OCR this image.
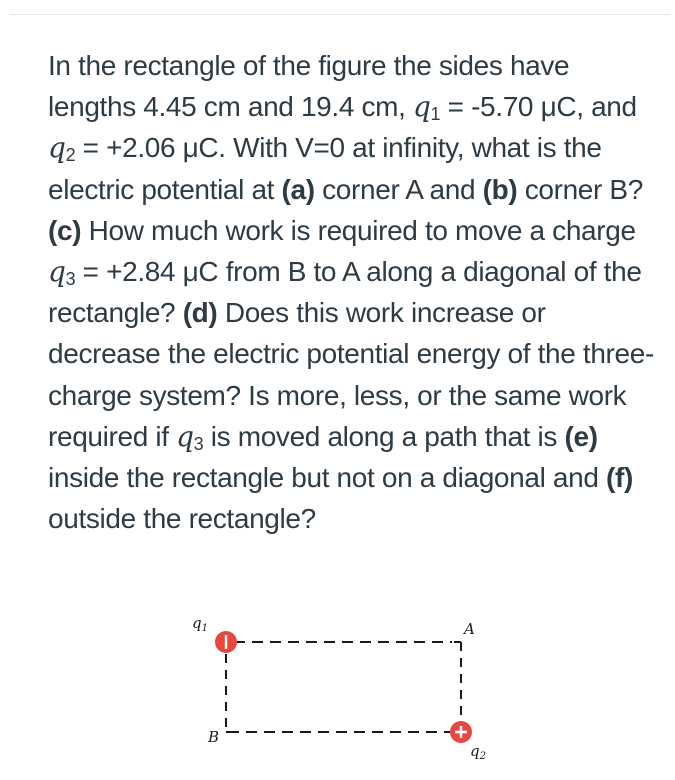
In the rectangle of the figure the sides have lengths 4.45 cm and 19.4 cm, $q_1 = -5.70$ μC, and $q_2 = +2.06$ μC. With V=0 at infinity, what is the electric potential at (a) corner A and (b) corner B? (c) How much work is required to move a charge $q_3 = +2.84$ μC from B to A along a diagonal of the rectangle? (d) Does this work increase or decrease the electric potential energy of the three-charge system? Is more, less, or the same work required if $q_3$ is moved along a path that is (e) inside the rectangle but not on a diagonal and (f) outside the rectangle?

$q_1$	A
B
$q_2$
